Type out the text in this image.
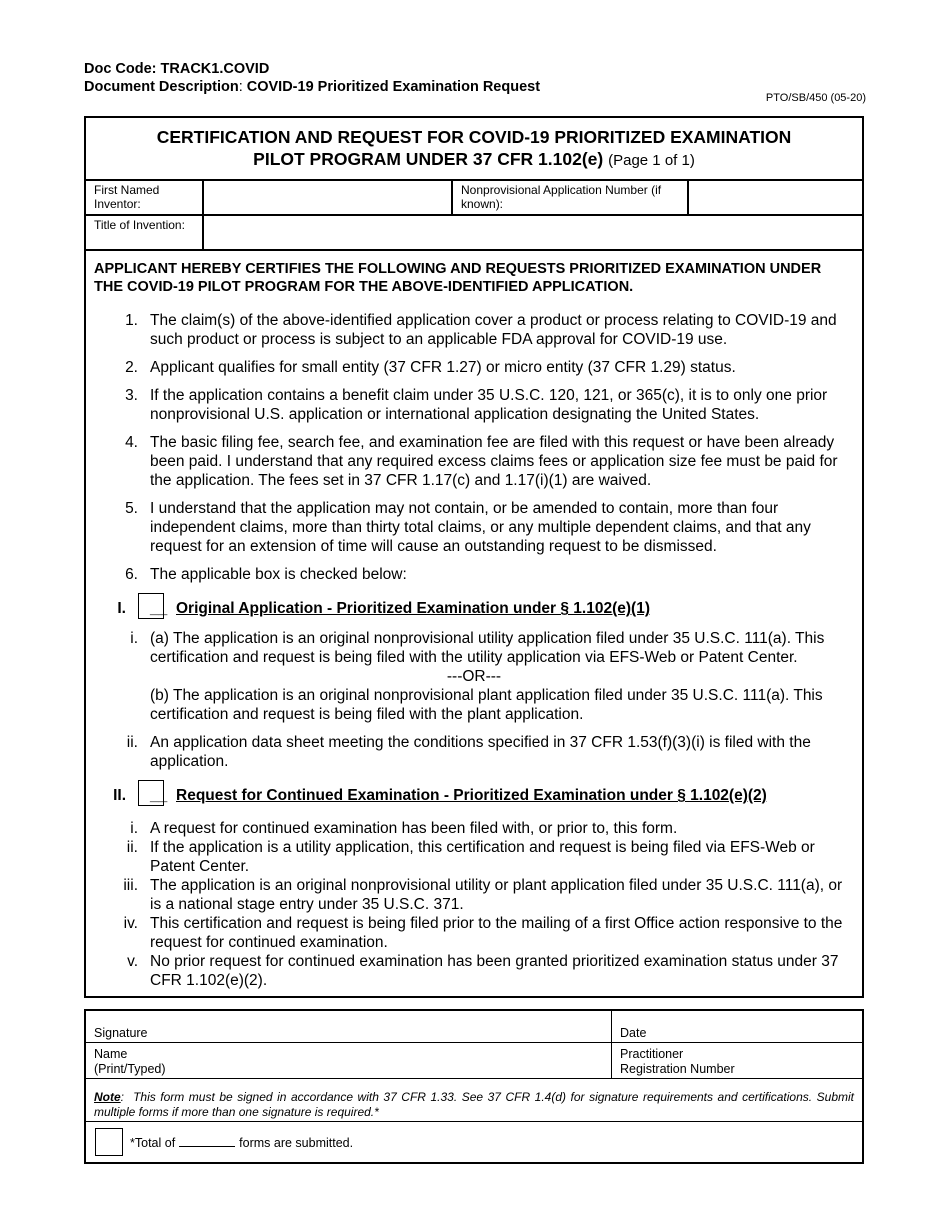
Doc Code: TRACK1.COVID
Document Description: COVID-19 Prioritized Examination Request
PTO/SB/450 (05-20)
CERTIFICATION AND REQUEST FOR COVID-19 PRIORITIZED EXAMINATION
PILOT PROGRAM UNDER 37 CFR 1.102(e) (Page 1 of 1)
First Named Inventor:
Nonprovisional Application Number (if known):
Title of Invention:
APPLICANT HEREBY CERTIFIES THE FOLLOWING AND REQUESTS PRIORITIZED EXAMINATION UNDER THE COVID-19 PILOT PROGRAM FOR THE ABOVE-IDENTIFIED APPLICATION.
1. The claim(s) of the above-identified application cover a product or process relating to COVID-19 and such product or process is subject to an applicable FDA approval for COVID-19 use.
2. Applicant qualifies for small entity (37 CFR 1.27) or micro entity (37 CFR 1.29) status.
3. If the application contains a benefit claim under 35 U.S.C. 120, 121, or 365(c), it is to only one prior nonprovisional U.S. application or international application designating the United States.
4. The basic filing fee, search fee, and examination fee are filed with this request or have been already been paid. I understand that any required excess claims fees or application size fee must be paid for the application. The fees set in 37 CFR 1.17(c) and 1.17(i)(1) are waived.
5. I understand that the application may not contain, or be amended to contain, more than four independent claims, more than thirty total claims, or any multiple dependent claims, and that any request for an extension of time will cause an outstanding request to be dismissed.
6. The applicable box is checked below:
I. __ Original Application - Prioritized Examination under § 1.102(e)(1)
i. (a) The application is an original nonprovisional utility application filed under 35 U.S.C. 111(a). This certification and request is being filed with the utility application via EFS-Web or Patent Center.
---OR---
(b) The application is an original nonprovisional plant application filed under 35 U.S.C. 111(a). This certification and request is being filed with the plant application.
ii. An application data sheet meeting the conditions specified in 37 CFR 1.53(f)(3)(i) is filed with the application.
II. __ Request for Continued Examination - Prioritized Examination under § 1.102(e)(2)
i. A request for continued examination has been filed with, or prior to, this form.
ii. If the application is a utility application, this certification and request is being filed via EFS-Web or Patent Center.
iii. The application is an original nonprovisional utility or plant application filed under 35 U.S.C. 111(a), or is a national stage entry under 35 U.S.C. 371.
iv. This certification and request is being filed prior to the mailing of a first Office action responsive to the request for continued examination.
v. No prior request for continued examination has been granted prioritized examination status under 37 CFR 1.102(e)(2).
Signature	Date
Name
(Print/Typed)
Practitioner
Registration Number
Note:  This form must be signed in accordance with 37 CFR 1.33. See 37 CFR 1.4(d) for signature requirements and certifications. Submit multiple forms if more than one signature is required.*
*Total of	forms are submitted.
